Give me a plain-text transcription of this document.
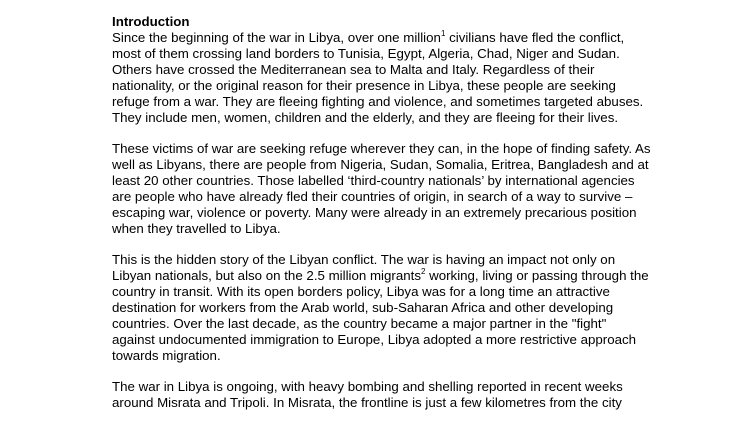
Introduction

Since the beginning of the war in Libya, over one million$^1$ civilians have fled the conflict, most of them crossing land borders to Tunisia, Egypt, Algeria, Chad, Niger and Sudan. Others have crossed the Mediterranean sea to Malta and Italy. Regardless of their nationality, or the original reason for their presence in Libya, these people are seeking refuge from a war. They are fleeing fighting and violence, and sometimes targeted abuses. They include men, women, children and the elderly, and they are fleeing for their lives.

These victims of war are seeking refuge wherever they can, in the hope of finding safety. As well as Libyans, there are people from Nigeria, Sudan, Somalia, Eritrea, Bangladesh and at least 20 other countries. Those labelled ‘third-country nationals’ by international agencies are people who have already fled their countries of origin, in search of a way to survive – escaping war, violence or poverty. Many were already in an extremely precarious position when they travelled to Libya.

This is the hidden story of the Libyan conflict. The war is having an impact not only on Libyan nationals, but also on the 2.5 million migrants$^2$ working, living or passing through the country in transit. With its open borders policy, Libya was for a long time an attractive destination for workers from the Arab world, sub-Saharan Africa and other developing countries. Over the last decade, as the country became a major partner in the "fight" against undocumented immigration to Europe, Libya adopted a more restrictive approach towards migration.

The war in Libya is ongoing, with heavy bombing and shelling reported in recent weeks around Misrata and Tripoli. In Misrata, the frontline is just a few kilometres from the city
